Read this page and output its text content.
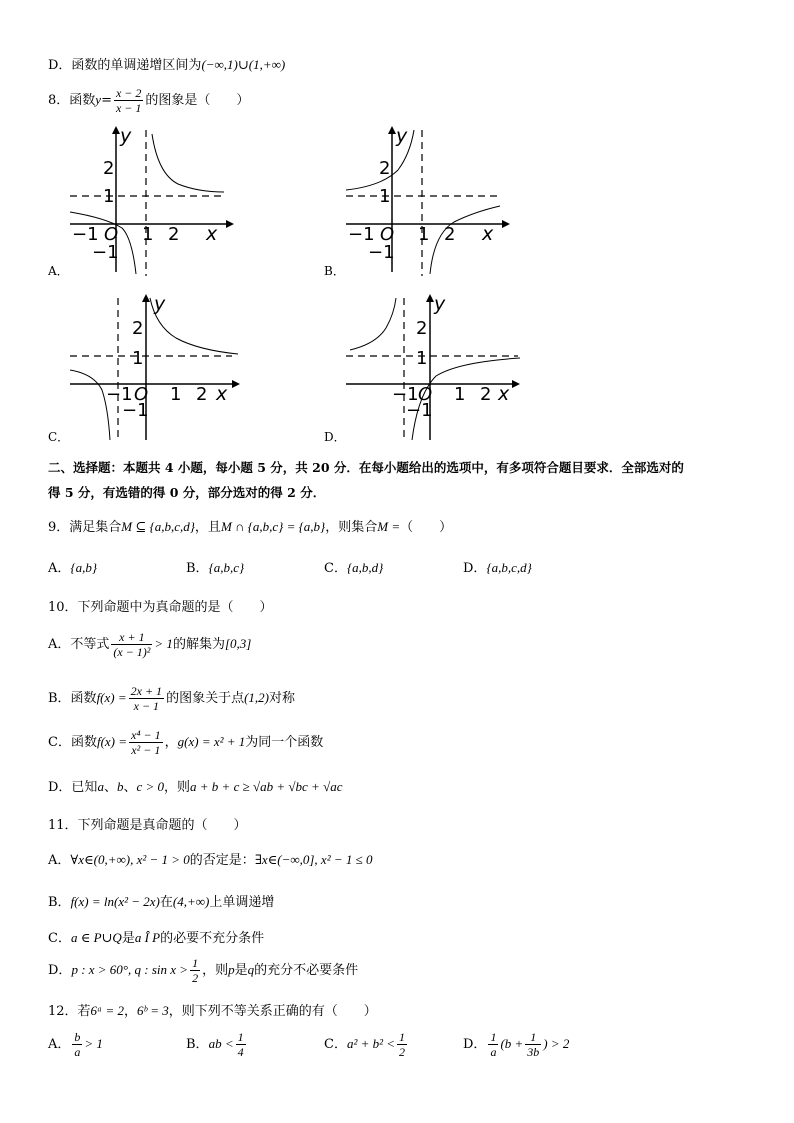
D．函数的单调递增区间为(−∞,1)∪(1,+∞)
8．函数$y= \frac{x - 2}{x - 1}$ 的图象是（　　）
A．
y
x
2
1
O
−1 1 2
−1
B．
y
x
2
1
O
−1 1 2
−1
C．
y
x
2
1
O
−1 1 2
−1
D．
y
x
2
1
O
−1 1 2
−1
二、选择题：本题共 4 小题，每小题 5 分，共 20 分．在每小题给出的选项中，有多项符合题目要求．全部选对的
得 5 分，有选错的得 0 分，部分选对的得 2 分．
9．满足集合M ⊆ {a,b,c,d}，且M ∩ {a,b,c} = {a,b}，则集合M =（　　）
A．{a,b}	B．{a,b,c}	C．{a,b,d}	D．{a,b,c,d}
10．下列命题中为真命题的是（　　）
A．不等式 $\frac{x + 1}{\text{(x − 1)²}} > 1$的解集为[0,3]
B．函数$f(x) = \frac{2x + 1}{x - 1}$ 的图象关于点(1,2)对称
C．函数$f(x) = \frac{\text{x⁴ − 1}}{\text{x² − 1}}$ ，g(x) = x² + 1为同一个函数
D．已知a、b、c > 0，则a + b + c ≥ √ab + √bc + √ac
11．下列命题是真命题的（　　）
A．∀x∈(0,+∞), x² − 1 > 0的否定是：∃x∈(−∞,0], x² − 1 ≤ 0
B．f(x) = ln(x² − 2x)在(4,+∞)上单调递增
C．a ∈ P∪Q是a Î P的必要不充分条件
D．p : x > 60°, q : $\sin x > \frac{1}{2}$ ，则p是q的充分不必要条件
12．若6ᵃ = 2，6ᵇ = 3，则下列不等关系正确的有（　　）
A． $\frac{b}{a} > 1$	B．ab < $\frac{1}{4}$	C．$a^2 + b^2 < \frac{1}{2}$	D． $\frac{1}{a} (b + \frac{1}{3b}$ ) > 2
